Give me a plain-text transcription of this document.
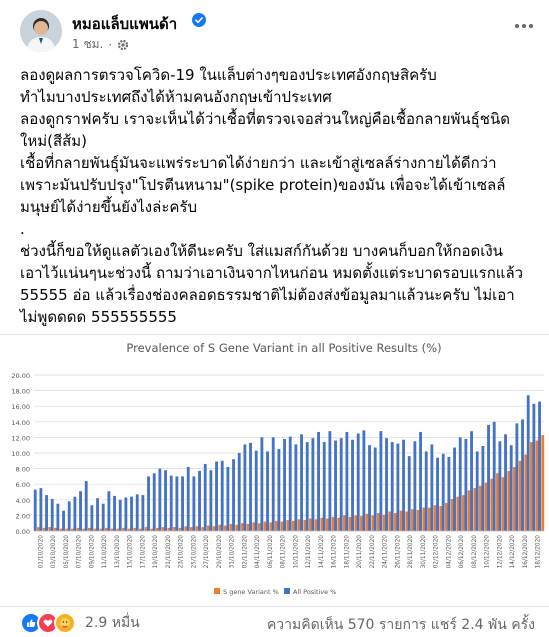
หมอแล็บแพนด้า
1 ชม. ·
ลองดูผลการตรวจโควิด-19 ในแล็บต่างๆของประเทศอังกฤษสิครับ
ทำไมบางประเทศถึงได้ห้ามคนอังกฤษเข้าประเทศ
ลองดูกราฟครับ เราจะเห็นได้ว่าเชื้อที่ตรวจเจอส่วนใหญ่คือเชื้อกลายพันธุ์ชนิด
ใหม่(สีส้ม)
เชื้อที่กลายพันธุ์มันจะแพร่ระบาดได้ง่ายกว่า และเข้าสู่เซลล์ร่างกายได้ดีกว่า
เพราะมันปรับปรุง"โปรตีนหนาม"(spike protein)ของมัน เพื่อจะได้เข้าเซลล์
มนุษย์ได้ง่ายขึ้นยังไงล่ะครับ
.
ช่วงนี้ก็ขอให้ดูแลตัวเองให้ดีนะครับ ใส่แมสก์กันด้วย บางคนก็บอกให้กอดเงิน
เอาไว้แน่นๆนะช่วงนี้ ถามว่าเอาเงินจากไหนก่อน หมดตั้งแต่ระบาดรอบแรกแล้ว
55555 อ่อ แล้วเรื่องช่องคลอดธรรมชาติไม่ต้องส่งข้อมูลมาแล้วนะครับ ไม่เอา
ไม่พูดดดด 555555555
Prevalence of S Gene Variant in all Positive Results (%)
0.00
2.00
4.00
6.00
8.00
10.00
12.00
14.00
16.00
18.00
20.00
01/10/2020 03/10/2020 05/10/2020 07/10/2020 09/10/2020 11/10/2020 13/10/2020 15/10/2020 17/10/2020 19/10/2020 21/10/2020 23/10/2020 25/10/2020 27/10/2020 29/10/2020 31/10/2020 02/11/2020 04/11/2020 06/11/2020 08/11/2020 10/11/2020 12/11/2020 14/11/2020 16/11/2020 18/11/2020 20/11/2020 22/11/2020 24/11/2020 26/11/2020 28/11/2020 30/11/2020 02/12/2020 04/12/2020 06/12/2020 08/12/2020 10/12/2020 12/12/2020 14/12/2020 16/12/2020 18/12/2020
S gene Variant % All Positive %
2.9 หมื่น	ความคิดเห็น 570 รายการ แชร์ 2.4 พัน ครั้ง
